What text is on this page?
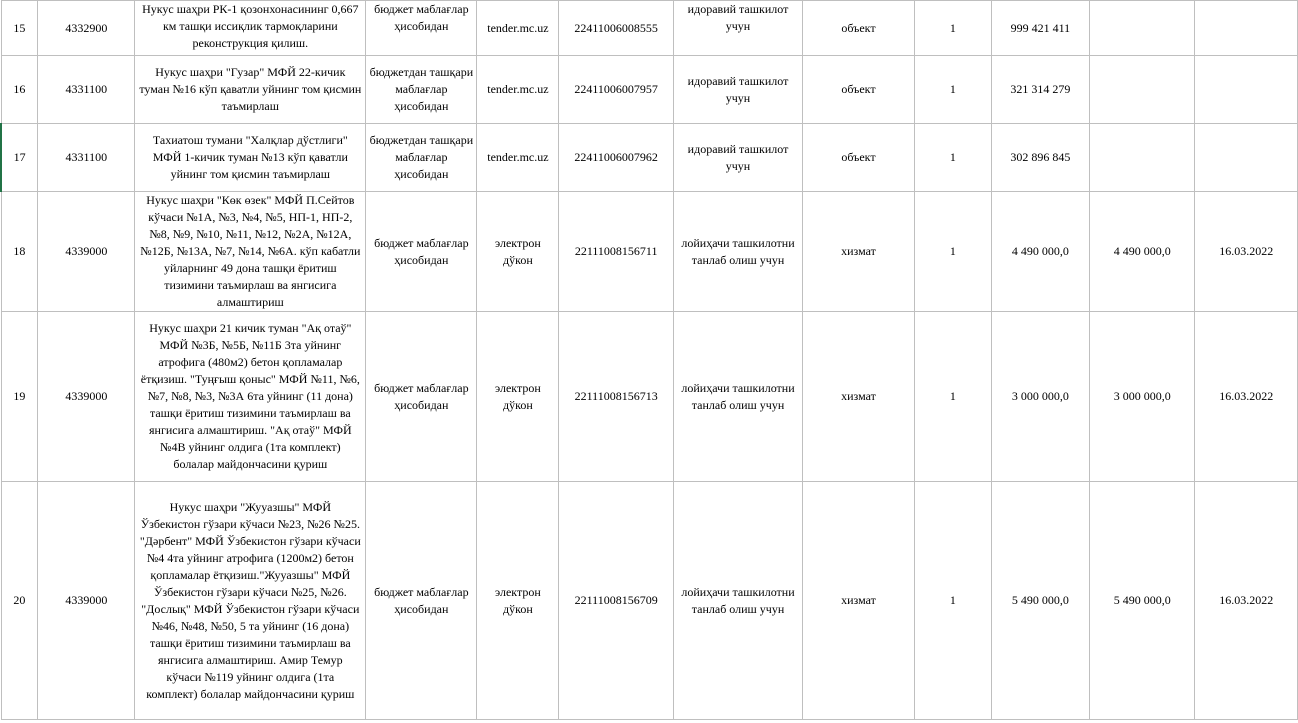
15	4332900	Нукус шаҳри РК-1 қозонхонасининг 0,667 км ташқи иссиқлик тармоқларини реконструкция қилиш.	бюджет маблағлар ҳисобидан	tender.mc.uz	22411006008555	идоравий ташкилот учун	объект	1	999 421 411		
16	4331100	Нукус шаҳри "Гузар" МФЙ 22-кичик туман №16 кўп қаватли уйнинг том қисмин таъмирлаш	бюджетдан ташқари маблағлар ҳисобидан	tender.mc.uz	22411006007957	идоравий ташкилот учун	объект	1	321 314 279		
17	4331100	Тахиатош тумани "Халқлар дўстлиги" МФЙ 1-кичик туман №13 кўп қаватли уйнинг том қисмин таъмирлаш	бюджетдан ташқари маблағлар ҳисобидан	tender.mc.uz	22411006007962	идоравий ташкилот учун	объект	1	302 896 845		
18	4339000	Нукус шаҳри "Көк өзек" МФЙ П.Сейтов кўчаси №1А, №3, №4, №5, НП-1, НП-2, №8, №9, №10, №11, №12, №2А, №12А, №12Б, №13А, №7, №14, №6А. кўп кабатли уйларнинг 49 дона ташқи ёритиш тизимини таъмирлаш ва янгисига алмаштириш	бюджет маблағлар ҳисобидан	электрон дўкон	22111008156711	лойиҳачи ташкилотни танлаб олиш учун	хизмат	1	4 490 000,0	4 490 000,0	16.03.2022
19	4339000	Нукус шаҳри 21 кичик туман "Ақ отаў" МФЙ №3Б, №5Б, №11Б 3та уйнинг атрофига (480м2) бетон қопламалар ётқизиш. "Туңғыш қоныс" МФЙ №11, №6, №7, №8, №3, №3А 6та уйнинг (11 дона) ташқи ёритиш тизимини таъмирлаш ва янгисига алмаштириш. "Ақ отаў" МФЙ №4В уйнинг олдига (1та комплект) болалар майдончасини қуриш	бюджет маблағлар ҳисобидан	электрон дўкон	22111008156713	лойиҳачи ташкилотни танлаб олиш учун	хизмат	1	3 000 000,0	3 000 000,0	16.03.2022
20	4339000	Нукус шаҳри "Жууазшы" МФЙ Ўзбекистон гўзари кўчаси №23, №26 №25. "Дәрбент" МФЙ Ўзбекистон гўзари кўчаси №4 4та уйнинг атрофига (1200м2) бетон қопламалар ётқизиш."Жууазшы" МФЙ Ўзбекистон гўзари кўчаси №25, №26. "Дослық" МФЙ Ўзбекистон гўзари кўчаси №46, №48, №50, 5 та уйнинг (16 дона) ташқи ёритиш тизимини таъмирлаш ва янгисига алмаштириш. Амир Темур кўчаси №119 уйнинг олдига (1та комплект) болалар майдончасини қуриш	бюджет маблағлар ҳисобидан	электрон дўкон	22111008156709	лойиҳачи ташкилотни танлаб олиш учун	хизмат	1	5 490 000,0	5 490 000,0	16.03.2022
